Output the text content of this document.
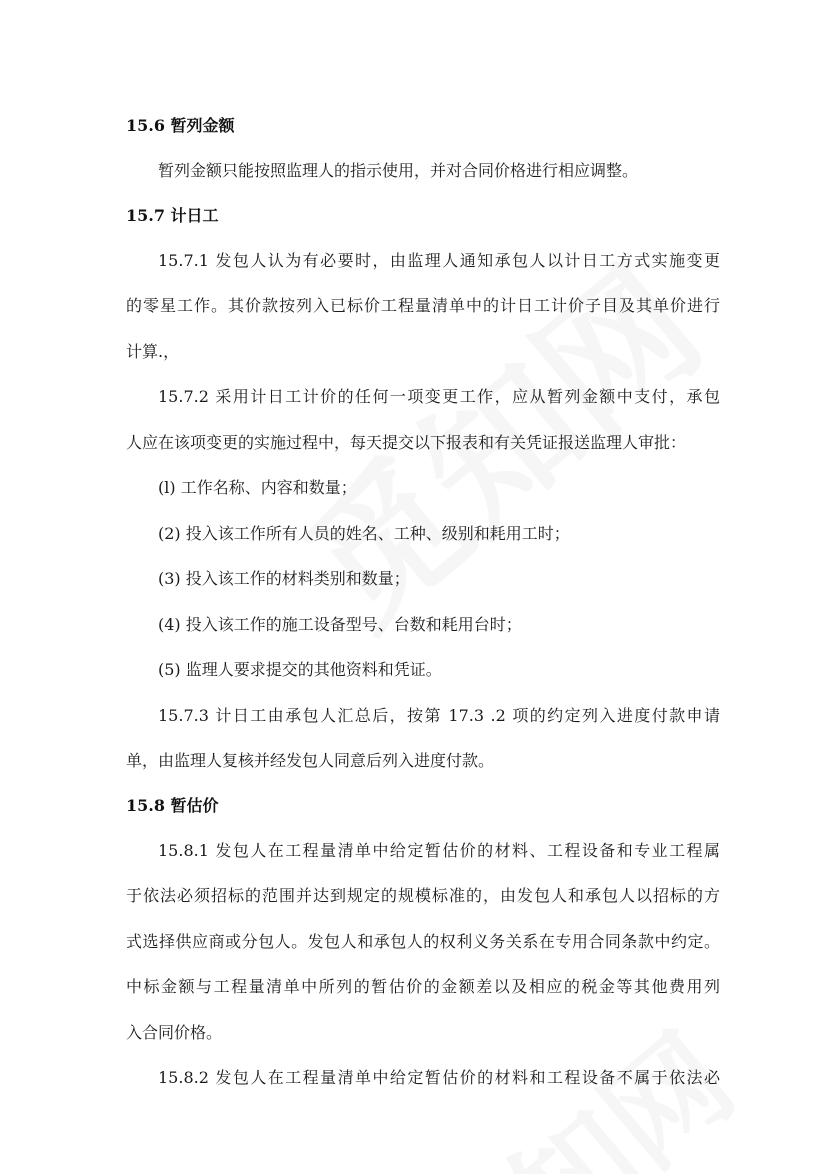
15.6 暂列金额

暂列金额只能按照监理人的指示使用，并对合同价格进行相应调整。

15.7 计日工

15.7.1 发包人认为有必要时，由监理人通知承包人以计日工方式实施变更
的零星工作。其价款按列入已标价工程量清单中的计日工计价子目及其单价进行
计算.，

15.7.2 采用计日工计价的任何一项变更工作，应从暂列金额中支付，承包
人应在该项变更的实施过程中，每天提交以下报表和有关凭证报送监理人审批：

(l) 工作名称、内容和数量；

(2) 投入该工作所有人员的姓名、工种、级别和耗用工时；

(3) 投入该工作的材料类别和数量；

(4) 投入该工作的施工设备型号、台数和耗用台时；

(5) 监理人要求提交的其他资料和凭证。

15.7.3 计日工由承包人汇总后，按第 17.3 .2 项的约定列入进度付款申请
单，由监理人复核并经发包人同意后列入进度付款。

15.8 暂估价

15.8.1 发包人在工程量清单中给定暂估价的材料、工程设备和专业工程属
于依法必须招标的范围并达到规定的规模标准的，由发包人和承包人以招标的方
式选择供应商或分包人。发包人和承包人的权利义务关系在专用合同条款中约定。
中标金额与工程量清单中所列的暂估价的金额差以及相应的税金等其他费用列
入合同价格。

15.8.2 发包人在工程量清单中给定暂估价的材料和工程设备不属于依法必
